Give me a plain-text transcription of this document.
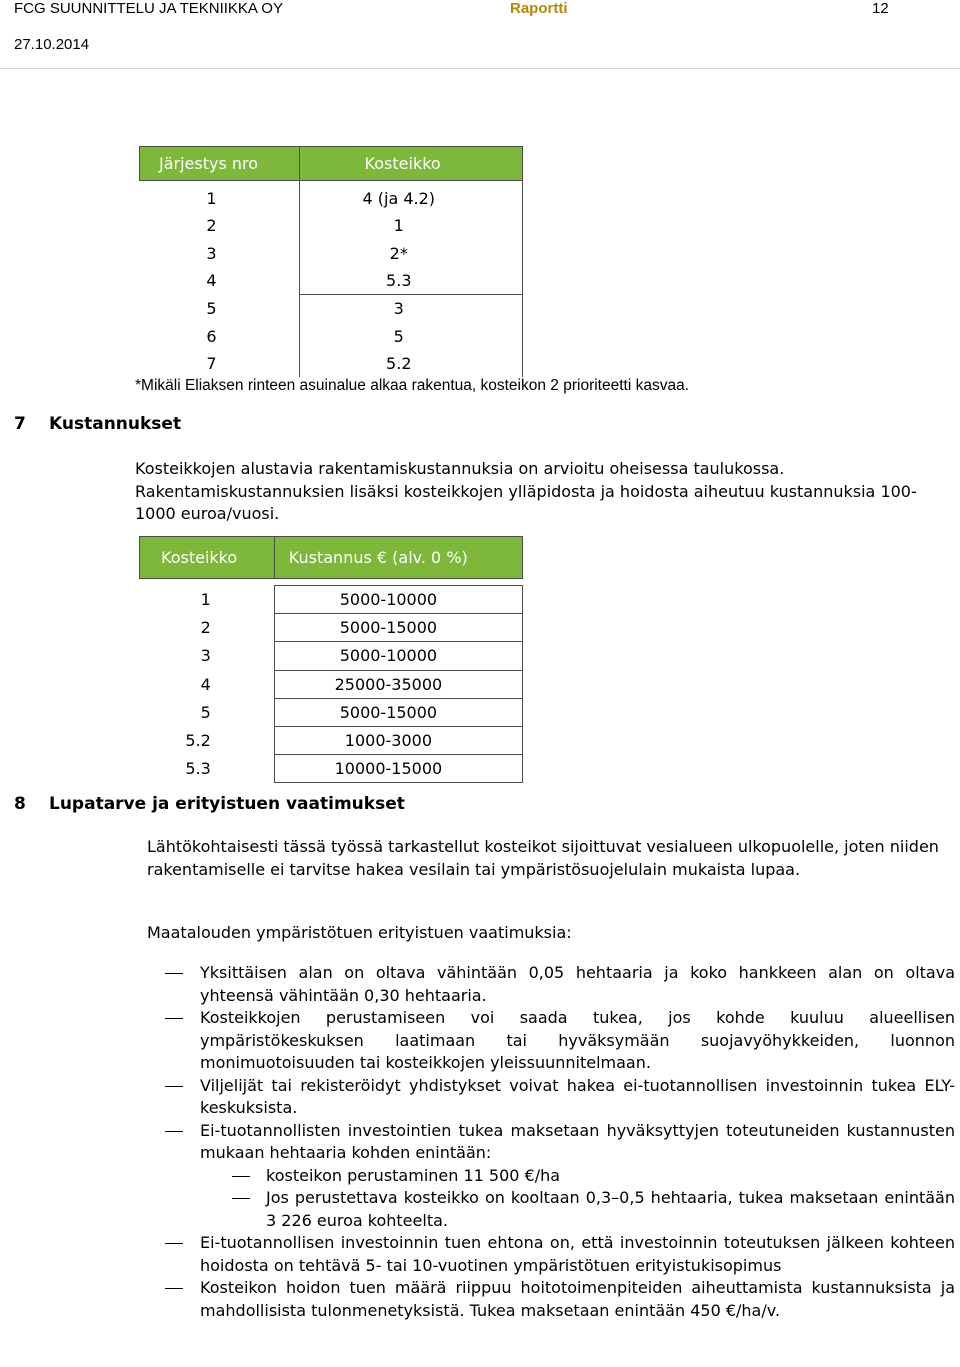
FCG SUUNNITTELU JA TEKNIIKKA OY	Raportti	12
27.10.2014
Järjestys nro	Kosteikko

1	4 (ja 4.2)
2	1
3	2*
4	5.3
5	3
6	5
7	5.2
*Mikäli Eliaksen rinteen asuinalue alkaa rakentua, kosteikon 2 prioriteetti kasvaa.
7 Kustannukset
Kosteikkojen alustavia rakentamiskustannuksia on arvioitu oheisessa taulukossa. Rakentamiskustannuksien lisäksi kosteikkojen ylläpidosta ja hoidosta aiheutuu kustannuksia 100-1000 euroa/vuosi.
Kosteikko	Kustannus € (alv. 0 %)

1	5000-10000
2	5000-15000
3	5000-10000
4	25000-35000
5	5000-15000
5.2	1000-3000
5.3	10000-15000
8 Lupatarve ja erityistuen vaatimukset
Lähtökohtaisesti tässä työssä tarkastellut kosteikot sijoittuvat vesialueen ulkopuolelle, joten niiden rakentamiselle ei tarvitse hakea vesilain tai ympäristösuojelulain mukaista lupaa.
Maatalouden ympäristötuen erityistuen vaatimuksia:
Yksittäisen alan on oltava vähintään 0,05 hehtaaria ja koko hankkeen alan on oltava yhteensä vähintään 0,30 hehtaaria.
Kosteikkojen perustamiseen voi saada tukea, jos kohde kuuluu alueellisen ympäristökeskuksen laatimaan tai hyväksymään suojavyöhykkeiden, luonnon monimuotoisuuden tai kosteikkojen yleissuunnitelmaan.
Viljelijät tai rekisteröidyt yhdistykset voivat hakea ei-tuotannollisen investoinnin tukea ELY-keskuksista.
Ei-tuotannollisten investointien tukea maksetaan hyväksyttyjen toteutuneiden kustannusten mukaan hehtaaria kohden enintään:
kosteikon perustaminen 11 500 €/ha
Jos perustettava kosteikko on kooltaan 0,3–0,5 hehtaaria, tukea maksetaan enintään 3 226 euroa kohteelta.
Ei-tuotannollisen investoinnin tuen ehtona on, että investoinnin toteutuksen jälkeen kohteen hoidosta on tehtävä 5- tai 10-vuotinen ympäristötuen erityistukisopimus
Kosteikon hoidon tuen määrä riippuu hoitotoimenpiteiden aiheuttamista kustannuksista ja mahdollisista tulonmenetyksistä. Tukea maksetaan enintään 450 €/ha/v.
